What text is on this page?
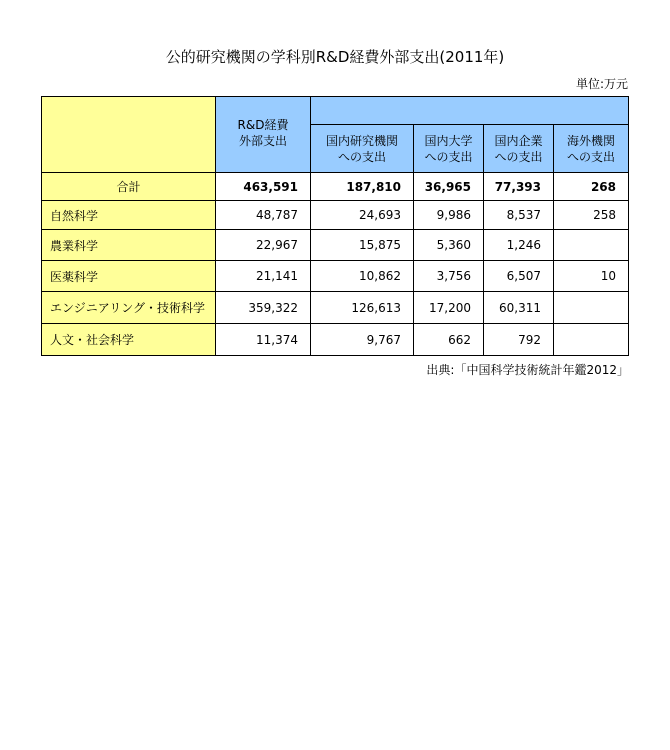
公的研究機関の学科別R&D経費外部支出(2011年)
単位:万元

	R&D経費外部支出				

		国内研究機関への支出	国内大学への支出	国内企業への支出	海外機関への支出

合計	463,591	187,810	36,965	77,393	268
自然科学	48,787	24,693	9,986	8,537	258
農業科学	22,967	15,875	5,360	1,246	
医薬科学	21,141	10,862	3,756	6,507	10
エンジニアリング・技術科学	359,322	126,613	17,200	60,311	
人文・社会科学	11,374	9,767	662	792	
出典:「中国科学技術統計年鑑2012」
